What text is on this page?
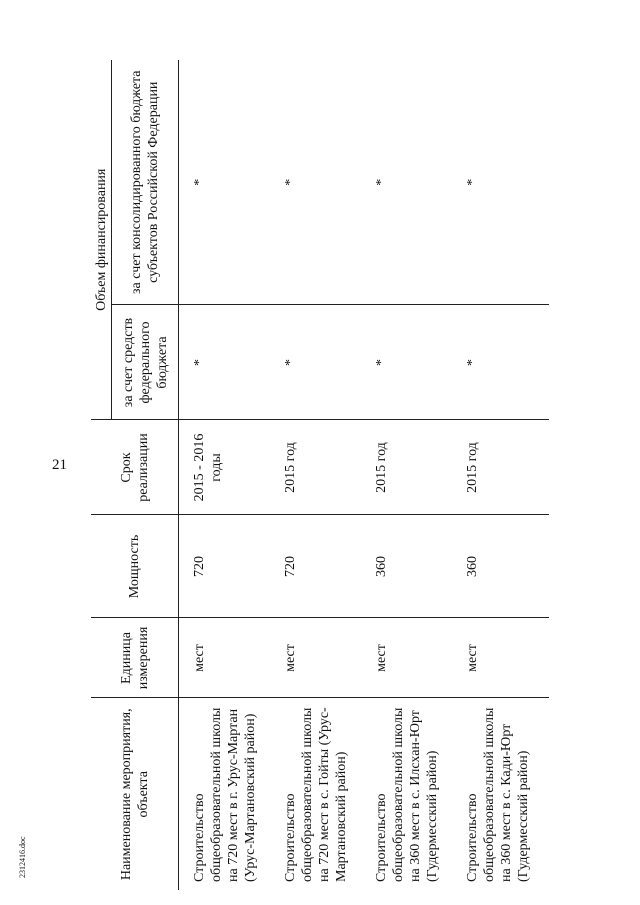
21
Наименование мероприятия, объекта	Единица измерения	Мощность	Срок реализации	Объем финансирования	
				за счет средств федерального бюджета	за счет консолидированного бюджета субъектов Российской Федерации
Строительство общеобразовательной школы на 720 мест в г. Урус-Мартан (Урус-Мартановский район)	мест	720	2015 - 2016 годы	*	*
Строительство общеобразовательной школы на 720 мест в с. Гойты (Урус-Мартановский район)	мест	720	2015 год	*	*
Строительство общеобразовательной школы на 360 мест в с. Илсхан-Юрт (Гудермесский район)	мест	360	2015 год	*	*
Строительство общеобразовательной школы на 360 мест в с. Кади-Юрт (Гудермесский район)	мест	360	2015 год	*	*
2312416.doc
